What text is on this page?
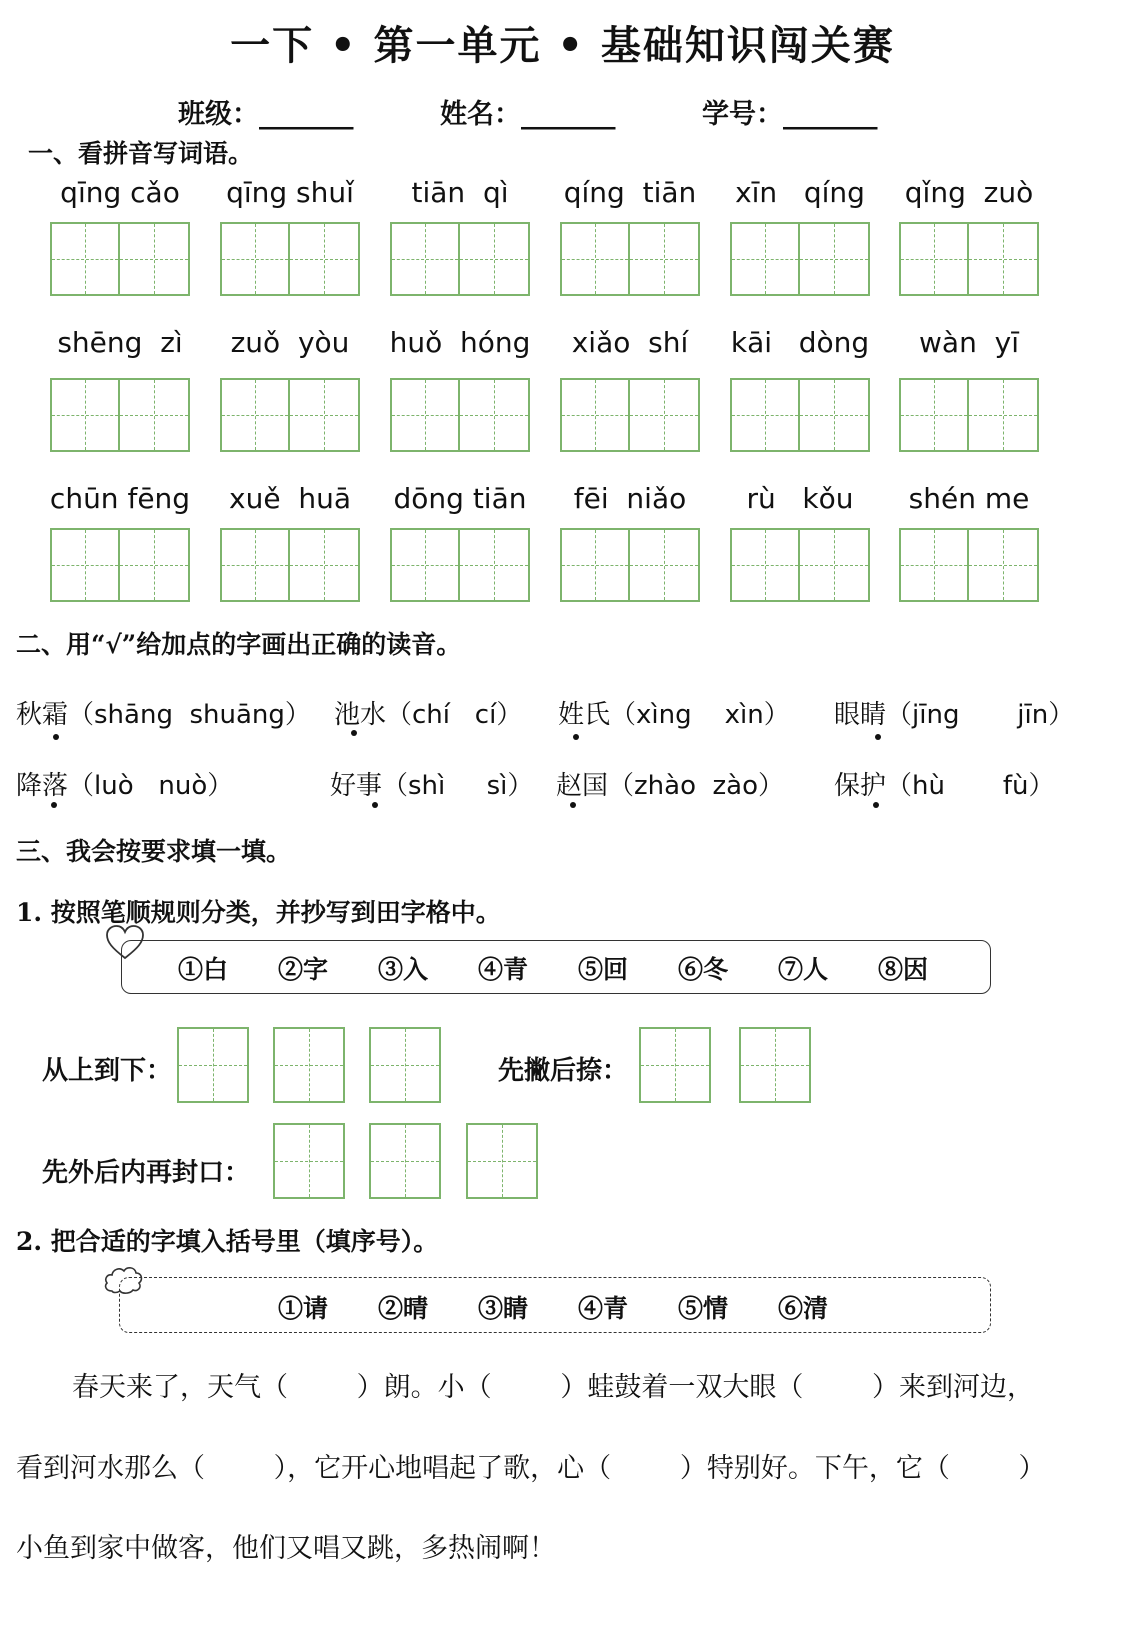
一下 • 第一单元 • 基础知识闯关赛
班级：_______	姓名：_______	学号：_______
一、看拼音写词语。
qīng cǎo	qīng shuǐ	tiān  qì	qíng  tiān	xīn   qíng	qǐng  zuò
shēng  zì	zuǒ  yòu	huǒ  hóng	xiǎo  shí	kāi   dòng	wàn  yī
chūn fēng	xuě  huā	dōng tiān	fēi  niǎo	rù   kǒu	shén me
二、用“√”给加点的字画出正确的读音。
秋霜（shāng  shuāng） 池水（chí   cí） 姓氏（xìng    xìn） 眼睛（jīng       jīn）
降落（luò   nuò）	好事（shì     sì） 赵国（zhào  zào） 保护（hù       fù）
三、我会按要求填一填。
1. 按照笔顺规则分类，并抄写到田字格中。
①白 ②字 ③入 ④青 ⑤回 ⑥冬 ⑦人 ⑧因
从上到下：	先撇后捺：
先外后内再封口：
2. 把合适的字填入括号里（填序号）。
①请 ②晴 ③睛 ④青 ⑤情 ⑥清
春天来了，天气（        ）朗。小（        ）蛙鼓着一双大眼（        ）来到河边，
看到河水那么（        ），它开心地唱起了歌，心（        ）特别好。下午，它（        ）
小鱼到家中做客，他们又唱又跳，多热闹啊！
